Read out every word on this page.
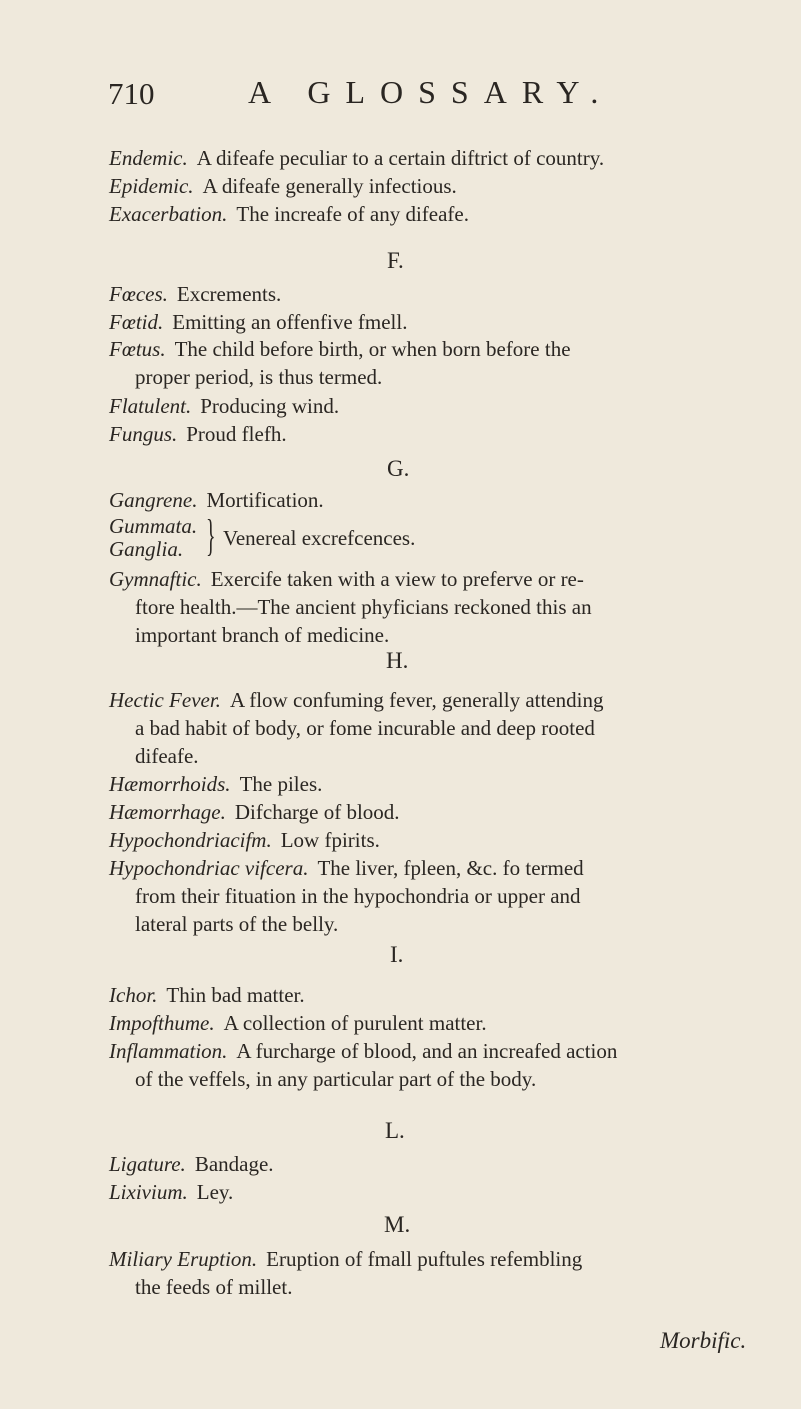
710	A GLOSSARY.
Endemic. A difeafe peculiar to a certain diftrict of country.
Epidemic. A difeafe generally infectious.
Exacerbation. The increafe of any difeafe.
F.
Fœces. Excrements.
Fœtid. Emitting an offenfive fmell.
Fœtus. The child before birth, or when born before the
proper period, is thus termed.
Flatulent. Producing wind.
Fungus. Proud flefh.
G.
Gangrene. Mortification.
Gummata.
Ganglia. } Venereal excrefcences.
Gymnaftic. Exercife taken with a view to preferve or re-
ftore health.—The ancient phyficians reckoned this an
important branch of medicine.
H.
Hectic Fever. A flow confuming fever, generally attending
a bad habit of body, or fome incurable and deep rooted
difeafe.
Hæmorrhoids. The piles.
Hæmorrhage. Difcharge of blood.
Hypochondriacifm. Low fpirits.
Hypochondriac vifcera. The liver, fpleen, &c. fo termed
from their fituation in the hypochondria or upper and
lateral parts of the belly.
I.
Ichor. Thin bad matter.
Impofthume. A collection of purulent matter.
Inflammation. A furcharge of blood, and an increafed action
of the veffels, in any particular part of the body.
L.
Ligature. Bandage.
Lixivium. Ley.
M.
Miliary Eruption. Eruption of fmall puftules refembling
the feeds of millet.
Morbific.
